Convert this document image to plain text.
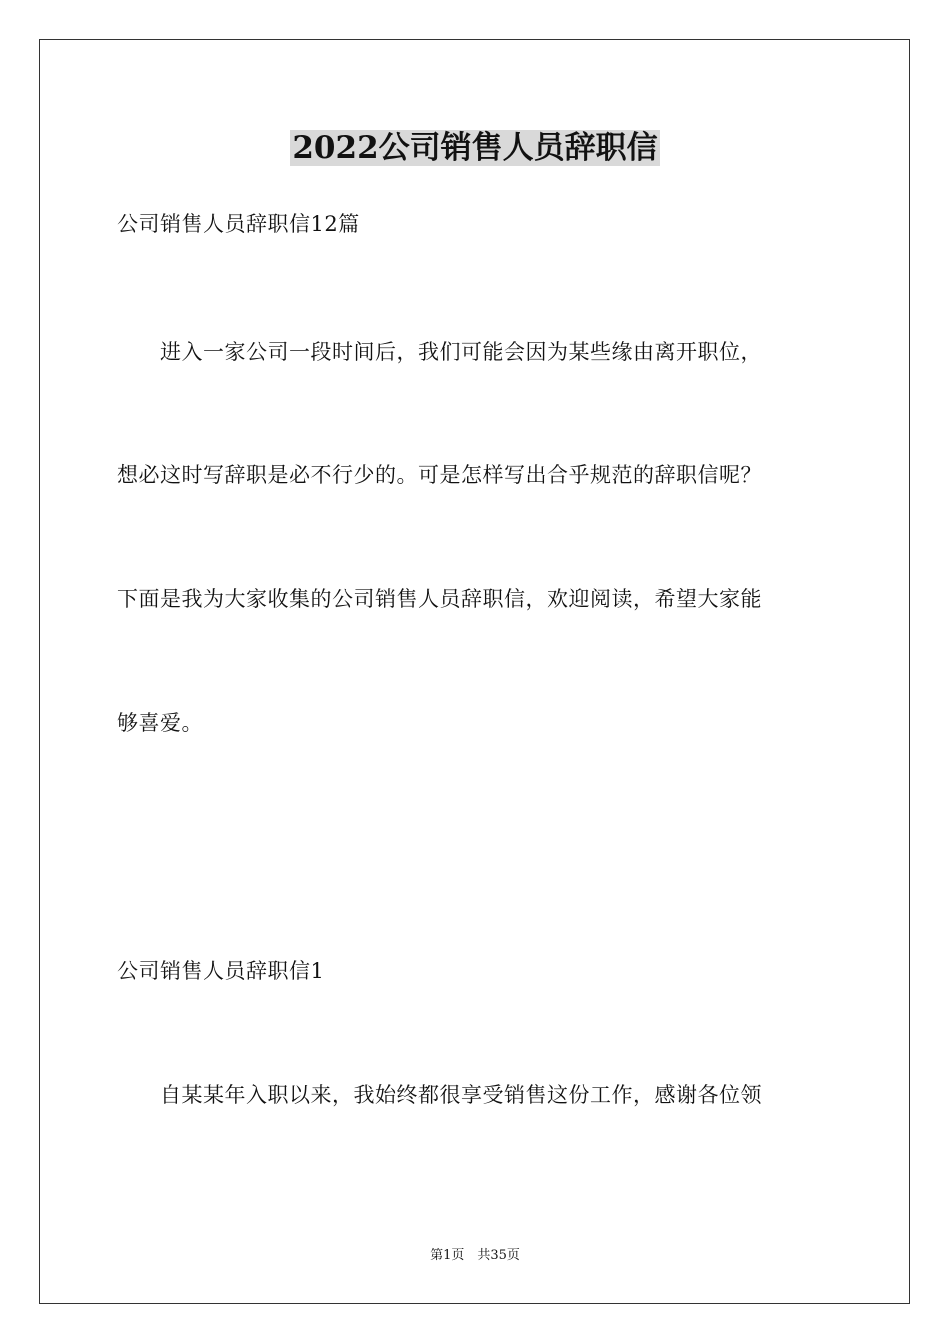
2022公司销售人员辞职信
公司销售人员辞职信12篇
　　进入一家公司一段时间后，我们可能会因为某些缘由离开职位，
想必这时写辞职是必不行少的。可是怎样写出合乎规范的辞职信呢？
下面是我为大家收集的公司销售人员辞职信，欢迎阅读，希望大家能
够喜爱。
公司销售人员辞职信1
　　自某某年入职以来，我始终都很享受销售这份工作，感谢各位领
第1页　共35页
